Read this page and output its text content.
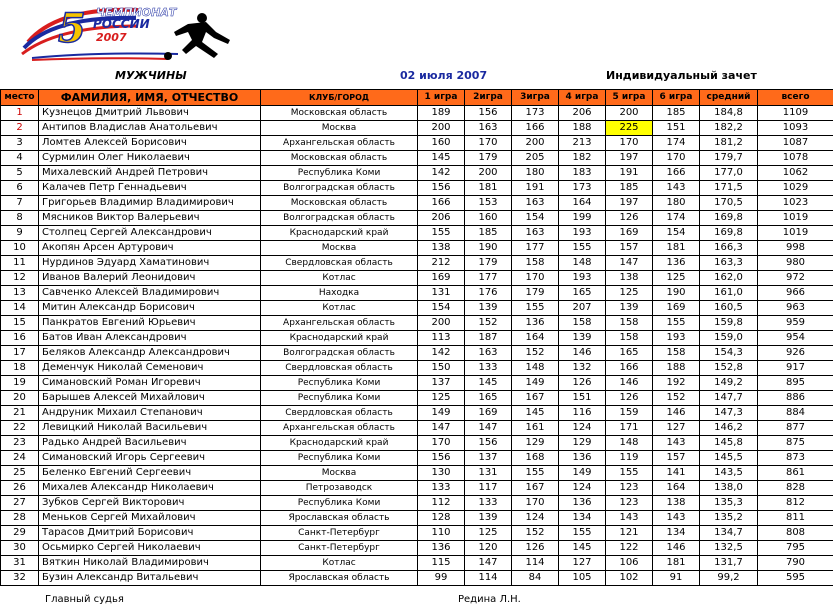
5 ЧЕМПИОНАТ
РОССИИ
2007
МУЖЧИНЫ	02 июля 2007	Индивидуальный зачет
место	ФАМИЛИЯ, ИМЯ, ОТЧЕСТВО	КЛУБ/ГОРОД	1 игра	2игра	3игра	4 игра	5 игра	6 игра	средний	всего
1	Кузнецов Дмитрий Львович	Московская область	189	156	173	206	200	185	184,8	1109
2	Антипов Владислав Анатольевич	Москва	200	163	166	188	225	151	182,2	1093
3	Ломтев Алексей Борисович	Архангельская область	160	170	200	213	170	174	181,2	1087
4	Сурмилин Олег Николаевич	Московская область	145	179	205	182	197	170	179,7	1078
5	Михалевский Андрей Петрович	Республика Коми	142	200	180	183	191	166	177,0	1062
6	Калачев Петр Геннадьевич	Волгоградская область	156	181	191	173	185	143	171,5	1029
7	Григорьев Владимир Владимирович	Московская область	166	153	163	164	197	180	170,5	1023
8	Мясников Виктор Валерьевич	Волгоградская область	206	160	154	199	126	174	169,8	1019
9	Столпец Сергей Александрович	Краснодарский край	155	185	163	193	169	154	169,8	1019
10	Акопян Арсен Артурович	Москва	138	190	177	155	157	181	166,3	998
11	Нурдинов Эдуард Хаматинович	Свердловская область	212	179	158	148	147	136	163,3	980
12	Иванов Валерий Леонидович	Котлас	169	177	170	193	138	125	162,0	972
13	Савченко Алексей Владимирович	Находка	131	176	179	165	125	190	161,0	966
14	Митин Александр Борисович	Котлас	154	139	155	207	139	169	160,5	963
15	Панкратов Евгений Юрьевич	Архангельская область	200	152	136	158	158	155	159,8	959
16	Батов Иван Александрович	Краснодарский край	113	187	164	139	158	193	159,0	954
17	Беляков Александр Александрович	Волгоградская область	142	163	152	146	165	158	154,3	926
18	Деменчук Николай Семенович	Свердловская область	150	133	148	132	166	188	152,8	917
19	Симановский Роман Игоревич	Республика Коми	137	145	149	126	146	192	149,2	895
20	Барышев Алексей Михайлович	Республика Коми	125	165	167	151	126	152	147,7	886
21	Андруник Михаил Степанович	Свердловская область	149	169	145	116	159	146	147,3	884
22	Левицкий Николай Васильевич	Архангельская область	147	147	161	124	171	127	146,2	877
23	Радько Андрей Васильевич	Краснодарский край	170	156	129	129	148	143	145,8	875
24	Симановский Игорь Сергеевич	Республика Коми	156	137	168	136	119	157	145,5	873
25	Беленко Евгений Сергеевич	Москва	130	131	155	149	155	141	143,5	861
26	Михалев Александр Николаевич	Петрозаводск	133	117	167	124	123	164	138,0	828
27	Зубков Сергей Викторович	Республика Коми	112	133	170	136	123	138	135,3	812
28	Меньков Сергей Михайлович	Ярославская область	128	139	124	134	143	143	135,2	811
29	Тарасов Дмитрий Борисович	Санкт-Петербург	110	125	152	155	121	134	134,7	808
30	Осьмирко Сергей Николаевич	Санкт-Петербург	136	120	126	145	122	146	132,5	795
31	Вяткин Николай Владимирович	Котлас	115	147	114	127	106	181	131,7	790
32	Бузин Александр Витальевич	Ярославская область	99	114	84	105	102	91	99,2	595
Главный судья	Редина Л.Н.
